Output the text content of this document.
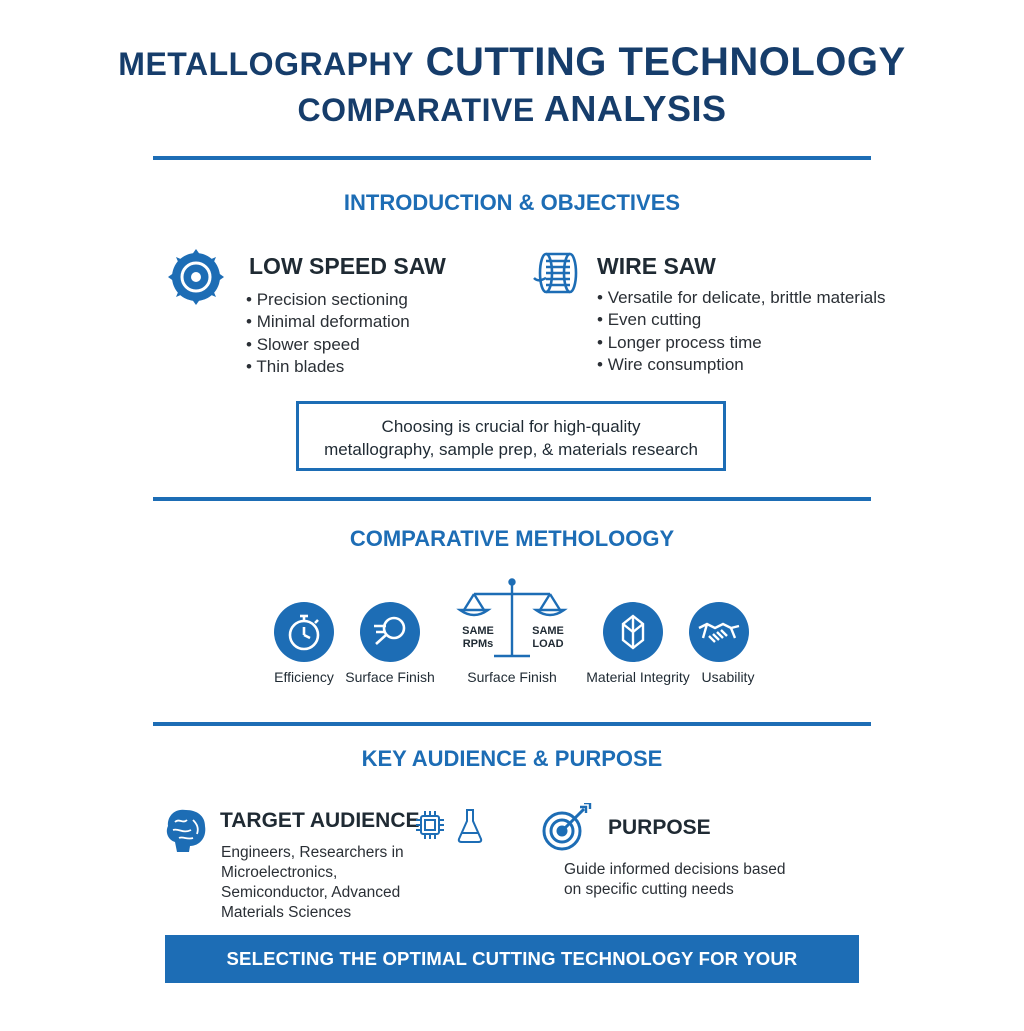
METALLOGRAPHY CUTTING TECHNOLOGY
COMPARATIVE ANALYSIS
INTRODUCTION & OBJECTIVES
LOW SPEED SAW
• Precision sectioning
• Minimal deformation
• Slower speed
• Thin blades
WIRE SAW
• Versatile for delicate, brittle materials
• Even cutting
• Longer process time
• Wire consumption
Choosing is crucial for high-quality
metallography, sample prep, & materials research
COMPARATIVE METHOLOOGY
Efficiency Surface Finish
SAME
RPMs
SAME
LOAD
Surface Finish	Material Integrity Usability
KEY AUDIENCE & PURPOSE
TARGET AUDIENCE
Engineers, Researchers in
Microelectronics,
Semiconductor, Advanced
Materials Sciences
PURPOSE
Guide informed decisions based
on specific cutting needs
SELECTING THE OPTIMAL CUTTING TECHNOLOGY FOR YOUR APPLICATION
